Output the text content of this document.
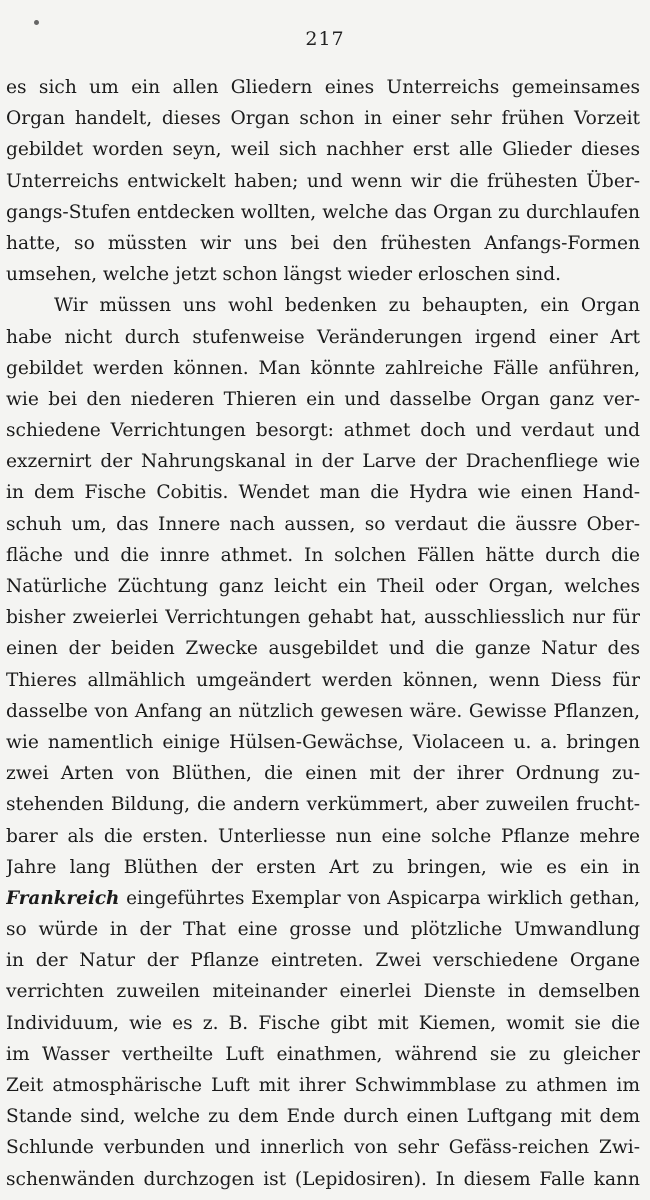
217
es sich um ein allen Gliedern eines Unterreichs gemeinsames
Organ handelt, dieses Organ schon in einer sehr frühen Vorzeit
gebildet worden seyn, weil sich nachher erst alle Glieder dieses
Unterreichs entwickelt haben; und wenn wir die frühesten Über-
gangs-Stufen entdecken wollten, welche das Organ zu durchlaufen
hatte, so müssten wir uns bei den frühesten Anfangs-Formen
umsehen, welche jetzt schon längst wieder erloschen sind.
Wir müssen uns wohl bedenken zu behaupten, ein Organ
habe nicht durch stufenweise Veränderungen irgend einer Art
gebildet werden können. Man könnte zahlreiche Fälle anführen,
wie bei den niederen Thieren ein und dasselbe Organ ganz ver-
schiedene Verrichtungen besorgt: athmet doch und verdaut und
exzernirt der Nahrungskanal in der Larve der Drachenfliege wie
in dem Fische Cobitis. Wendet man die Hydra wie einen Hand-
schuh um, das Innere nach aussen, so verdaut die äussre Ober-
fläche und die innre athmet. In solchen Fällen hätte durch die
Natürliche Züchtung ganz leicht ein Theil oder Organ, welches
bisher zweierlei Verrichtungen gehabt hat, ausschliesslich nur für
einen der beiden Zwecke ausgebildet und die ganze Natur des
Thieres allmählich umgeändert werden können, wenn Diess für
dasselbe von Anfang an nützlich gewesen wäre. Gewisse Pflanzen,
wie namentlich einige Hülsen-Gewächse, Violaceen u. a. bringen
zwei Arten von Blüthen, die einen mit der ihrer Ordnung zu-
stehenden Bildung, die andern verkümmert, aber zuweilen frucht-
barer als die ersten. Unterliesse nun eine solche Pflanze mehre
Jahre lang Blüthen der ersten Art zu bringen, wie es ein in
Frankreich eingeführtes Exemplar von Aspicarpa wirklich gethan,
so würde in der That eine grosse und plötzliche Umwandlung
in der Natur der Pflanze eintreten. Zwei verschiedene Organe
verrichten zuweilen miteinander einerlei Dienste in demselben
Individuum, wie es z. B. Fische gibt mit Kiemen, womit sie die
im Wasser vertheilte Luft einathmen, während sie zu gleicher
Zeit atmosphärische Luft mit ihrer Schwimmblase zu athmen im
Stande sind, welche zu dem Ende durch einen Luftgang mit dem
Schlunde verbunden und innerlich von sehr Gefäss-reichen Zwi-
schenwänden durchzogen ist (Lepidosiren). In diesem Falle kann
